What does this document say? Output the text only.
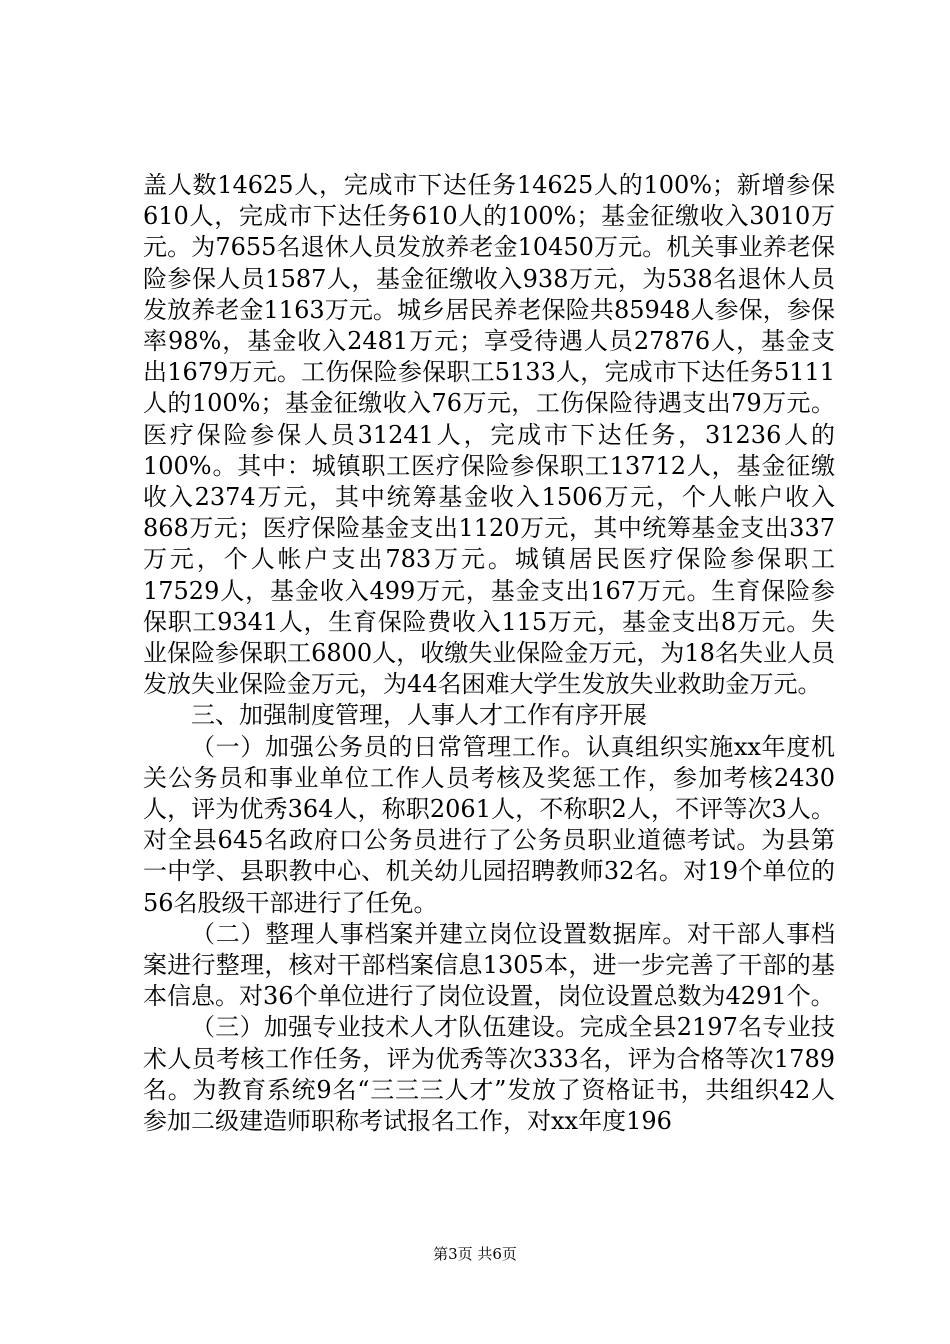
盖人数14625人，完成市下达任务14625人的100%；新增参保610人，完成市下达任务610人的100%；基金征缴收入3010万元。为7655名退休人员发放养老金10450万元。机关事业养老保险参保人员1587人，基金征缴收入938万元，为538名退休人员发放养老金1163万元。城乡居民养老保险共85948人参保，参保率98%，基金收入2481万元；享受待遇人员27876人，基金支出1679万元。工伤保险参保职工5133人，完成市下达任务5111人的100%；基金征缴收入76万元，工伤保险待遇支出79万元。医疗保险参保人员31241人，完成市下达任务，31236人的100%。其中：城镇职工医疗保险参保职工13712人，基金征缴收入2374万元，其中统筹基金收入1506万元，个人帐户收入868万元；医疗保险基金支出1120万元，其中统筹基金支出337万元，个人帐户支出783万元。城镇居民医疗保险参保职工17529人，基金收入499万元，基金支出167万元。生育保险参保职工9341人，生育保险费收入115万元，基金支出8万元。失业保险参保职工6800人，收缴失业保险金万元，为18名失业人员发放失业保险金万元，为44名困难大学生发放失业救助金万元。

三、加强制度管理，人事人才工作有序开展

（一）加强公务员的日常管理工作。认真组织实施xx年度机关公务员和事业单位工作人员考核及奖惩工作，参加考核2430人，评为优秀364人，称职2061人，不称职2人，不评等次3人。对全县645名政府口公务员进行了公务员职业道德考试。为县第一中学、县职教中心、机关幼儿园招聘教师32名。对19个单位的56名股级干部进行了任免。

（二）整理人事档案并建立岗位设置数据库。对干部人事档案进行整理，核对干部档案信息1305本，进一步完善了干部的基本信息。对36个单位进行了岗位设置，岗位设置总数为4291个。

（三）加强专业技术人才队伍建设。完成全县2197名专业技术人员考核工作任务，评为优秀等次333名，评为合格等次1789名。为教育系统9名“三三三人才”发放了资格证书，共组织42人参加二级建造师职称考试报名工作，对xx年度196

第3页 共6页
